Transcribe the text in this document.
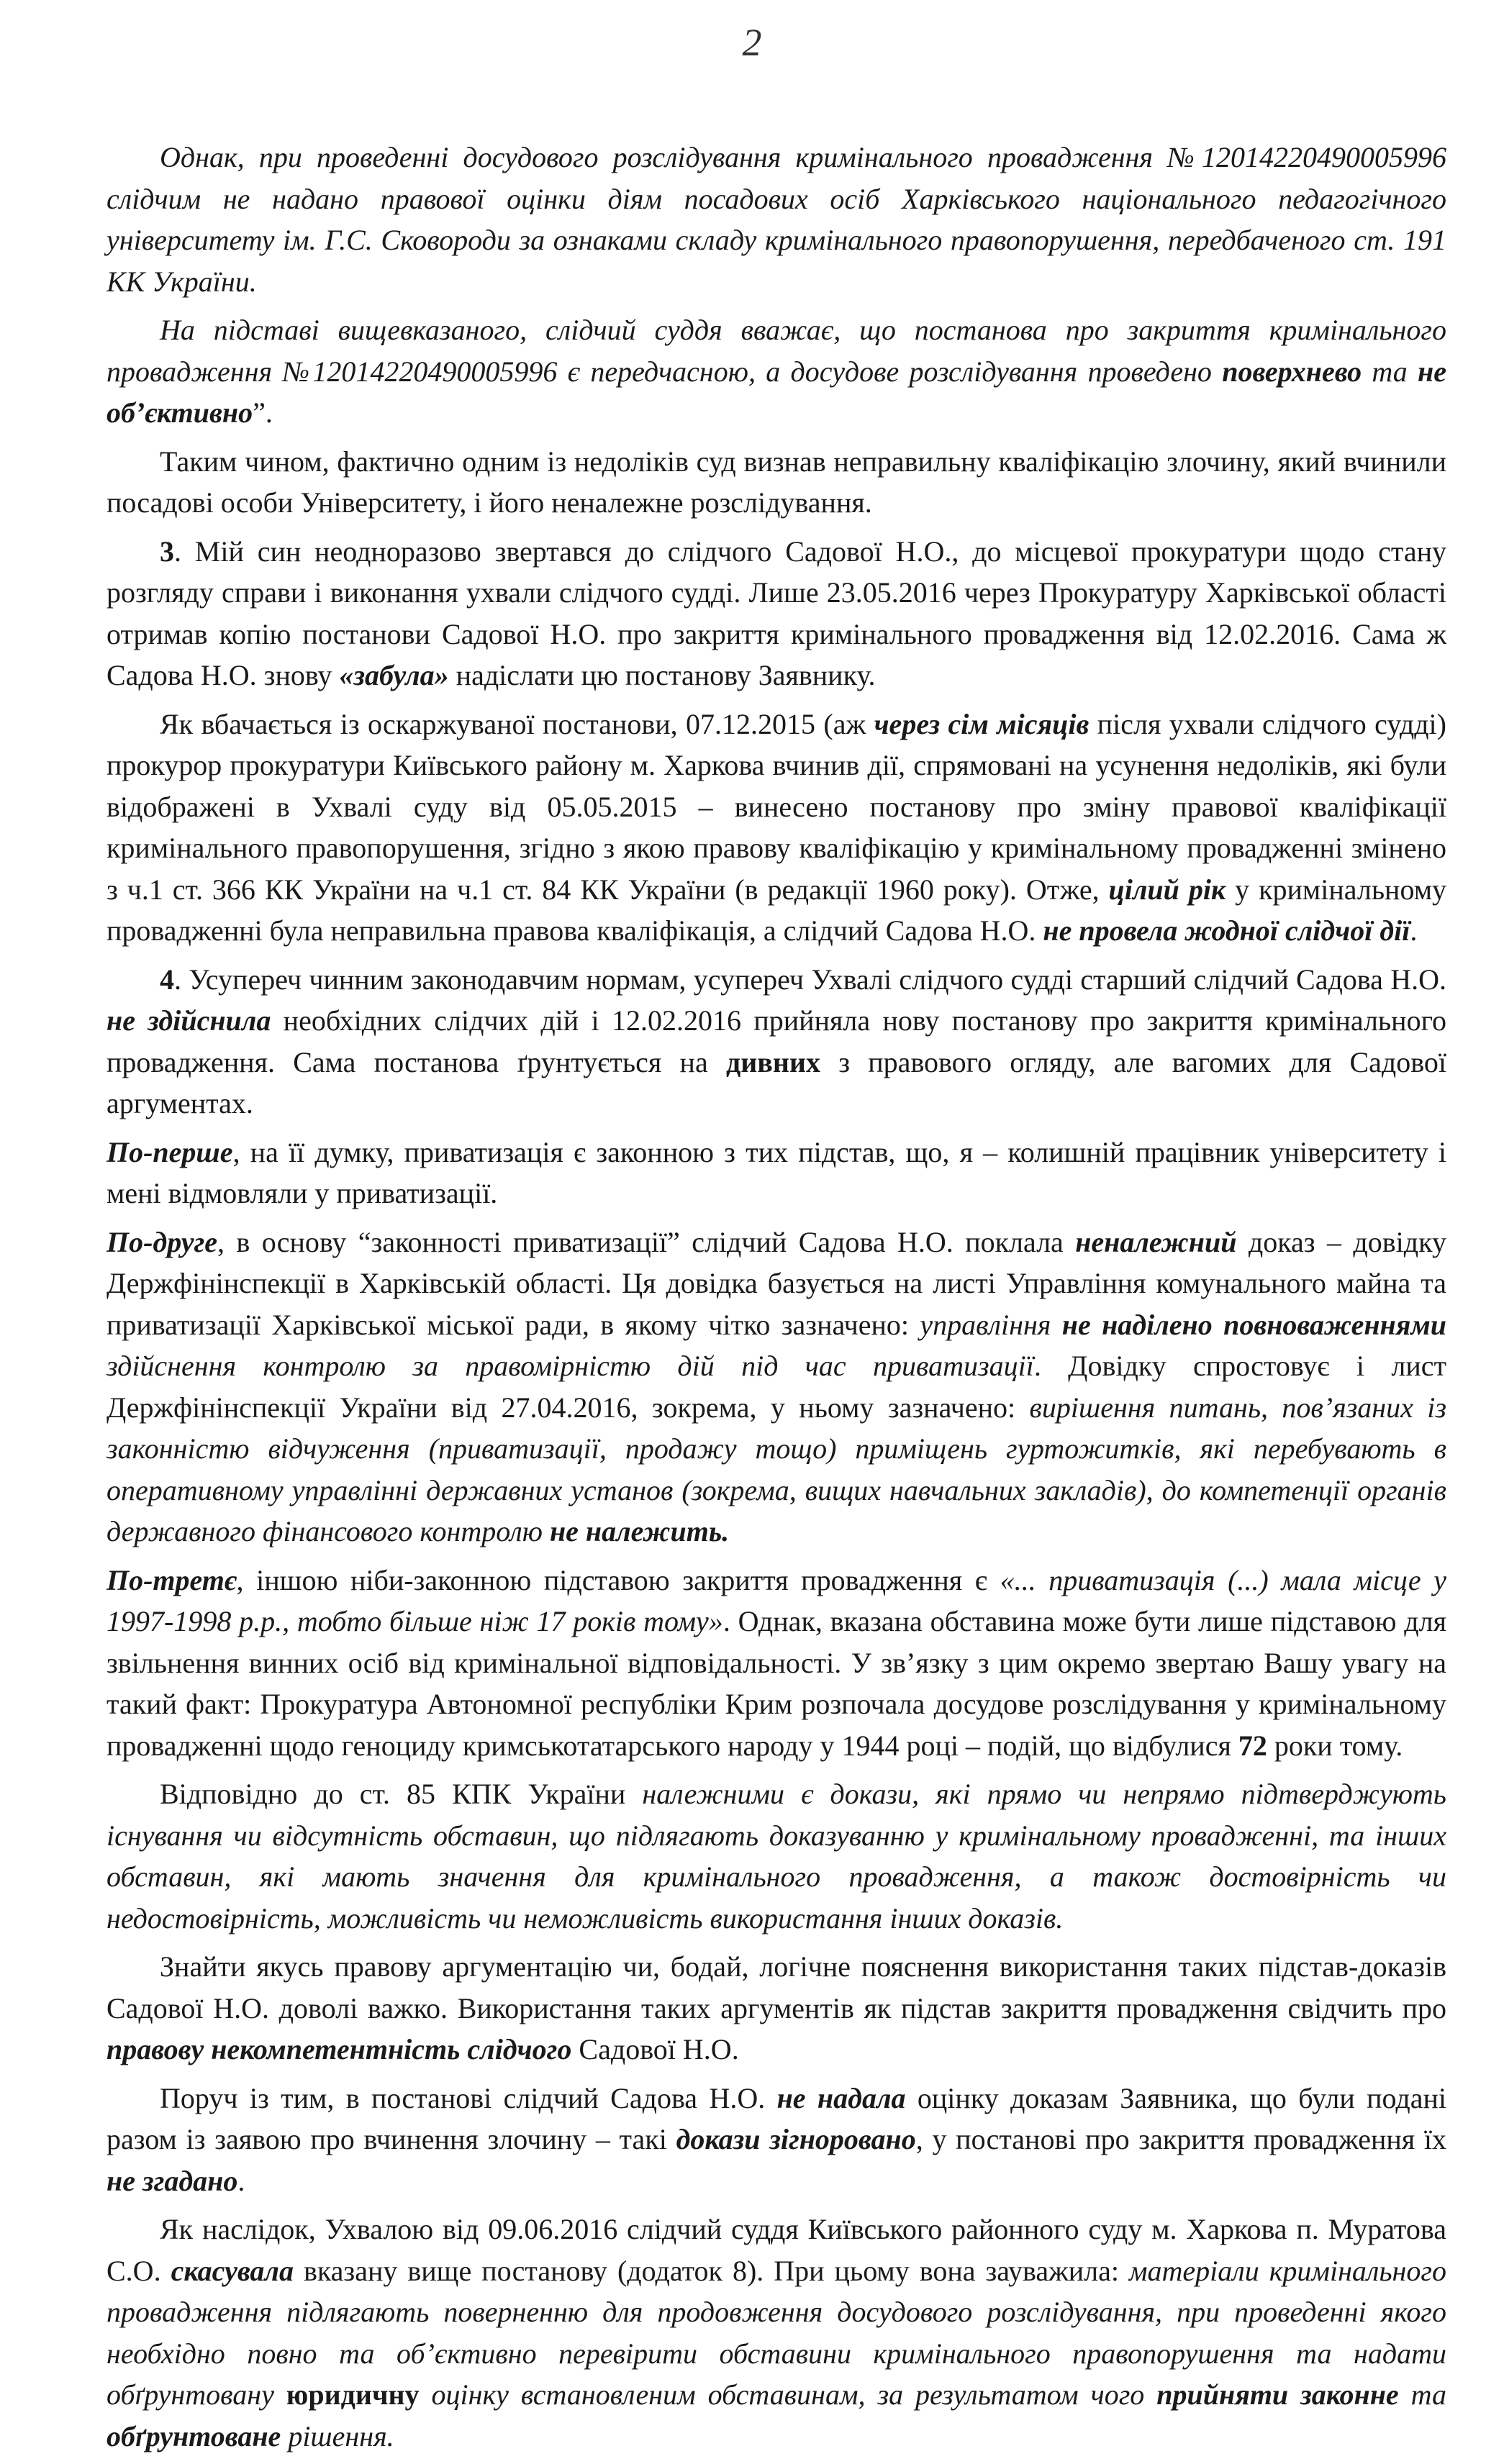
2

Однак, при проведенні досудового розслідування кримінального провадження №12014220490005996 слідчим не надано правової оцінки діям посадових осіб Харківського національного педагогічного університету ім. Г.С. Сковороди за ознаками складу кримінального правопорушення, передбаченого ст. 191 КК України.

На підставі вищевказаного, слідчий суддя вважає, що постанова про закриття кримінального провадження №12014220490005996 є передчасною, а досудове розслідування проведено поверхнево та не об’єктивно”.

Таким чином, фактично одним із недоліків суд визнав неправильну кваліфікацію злочину, який вчинили посадові особи Університету, і його неналежне розслідування.

3. Мій син неодноразово звертався до слідчого Садової Н.О., до місцевої прокуратури щодо стану розгляду справи і виконання ухвали слідчого судді. Лише 23.05.2016 через Прокуратуру Харківської області отримав копію постанови Садової Н.О. про закриття кримінального провадження від 12.02.2016. Сама ж Садова Н.О. знову «забула» надіслати цю постанову Заявнику.

Як вбачається із оскаржуваної постанови, 07.12.2015 (аж через сім місяців після ухвали слідчого судді) прокурор прокуратури Київського району м. Харкова вчинив дії, спрямовані на усунення недоліків, які були відображені в Ухвалі суду від 05.05.2015 – винесено постанову про зміну правової кваліфікації кримінального правопорушення, згідно з якою правову кваліфікацію у кримінальному провадженні змінено з ч.1 ст. 366 КК України на ч.1 ст. 84 КК України (в редакції 1960 року). Отже, цілий рік у кримінальному провадженні була неправильна правова кваліфікація, а слідчий Садова Н.О. не провела жодної слідчої дії.

4. Усупереч чинним законодавчим нормам, усупереч Ухвалі слідчого судді старший слідчий Садова Н.О. не здійснила необхідних слідчих дій і 12.02.2016 прийняла нову постанову про закриття кримінального провадження. Сама постанова ґрунтується на дивних з правового огляду, але вагомих для Садової аргументах.

По-перше, на її думку, приватизація є законною з тих підстав, що, я – колишній працівник університету і мені відмовляли у приватизації.

По-друге, в основу “законності приватизації” слідчий Садова Н.О. поклала неналежний доказ – довідку Держфінінспекції в Харківській області. Ця довідка базується на листі Управління комунального майна та приватизації Харківської міської ради, в якому чітко зазначено: управління не наділено повноваженнями здійснення контролю за правомірністю дій під час приватизації. Довідку спростовує і лист Держфінінспекції України від 27.04.2016, зокрема, у ньому зазначено: вирішення питань, пов’язаних із законністю відчуження (приватизації, продажу тощо) приміщень гуртожитків, які перебувають в оперативному управлінні державних установ (зокрема, вищих навчальних закладів), до компетенції органів державного фінансового контролю не належить.

По-третє, іншою ніби-законною підставою закриття провадження є «... приватизація (...) мала місце у 1997-1998 р.р., тобто більше ніж 17 років тому». Однак, вказана обставина може бути лише підставою для звільнення винних осіб від кримінальної відповідальності. У зв’язку з цим окремо звертаю Вашу увагу на такий факт: Прокуратура Автономної республіки Крим розпочала досудове розслідування у кримінальному провадженні щодо геноциду кримськотатарського народу у 1944 році – подій, що відбулися 72 роки тому.

Відповідно до ст. 85 КПК України належними є докази, які прямо чи непрямо підтверджують існування чи відсутність обставин, що підлягають доказуванню у кримінальному провадженні, та інших обставин, які мають значення для кримінального провадження, а також достовірність чи недостовірність, можливість чи неможливість використання інших доказів.

Знайти якусь правову аргументацію чи, бодай, логічне пояснення використання таких підстав-доказів Садової Н.О. доволі важко. Використання таких аргументів як підстав закриття провадження свідчить про правову некомпетентність слідчого Садової Н.О.

Поруч із тим, в постанові слідчий Садова Н.О. не надала оцінку доказам Заявника, що були подані разом із заявою про вчинення злочину – такі докази зігноровано, у постанові про закриття провадження їх не згадано.

Як наслідок, Ухвалою від 09.06.2016 слідчий суддя Київського районного суду м. Харкова п. Муратова С.О. скасувала вказану вище постанову (додаток 8). При цьому вона зауважила: матеріали кримінального провадження підлягають поверненню для продовження досудового розслідування, при проведенні якого необхідно повно та об’єктивно перевірити обставини кримінального правопорушення та надати обґрунтовану юридичну оцінку встановленим обставинам, за результатом чого прийняти законне та обґрунтоване рішення.
